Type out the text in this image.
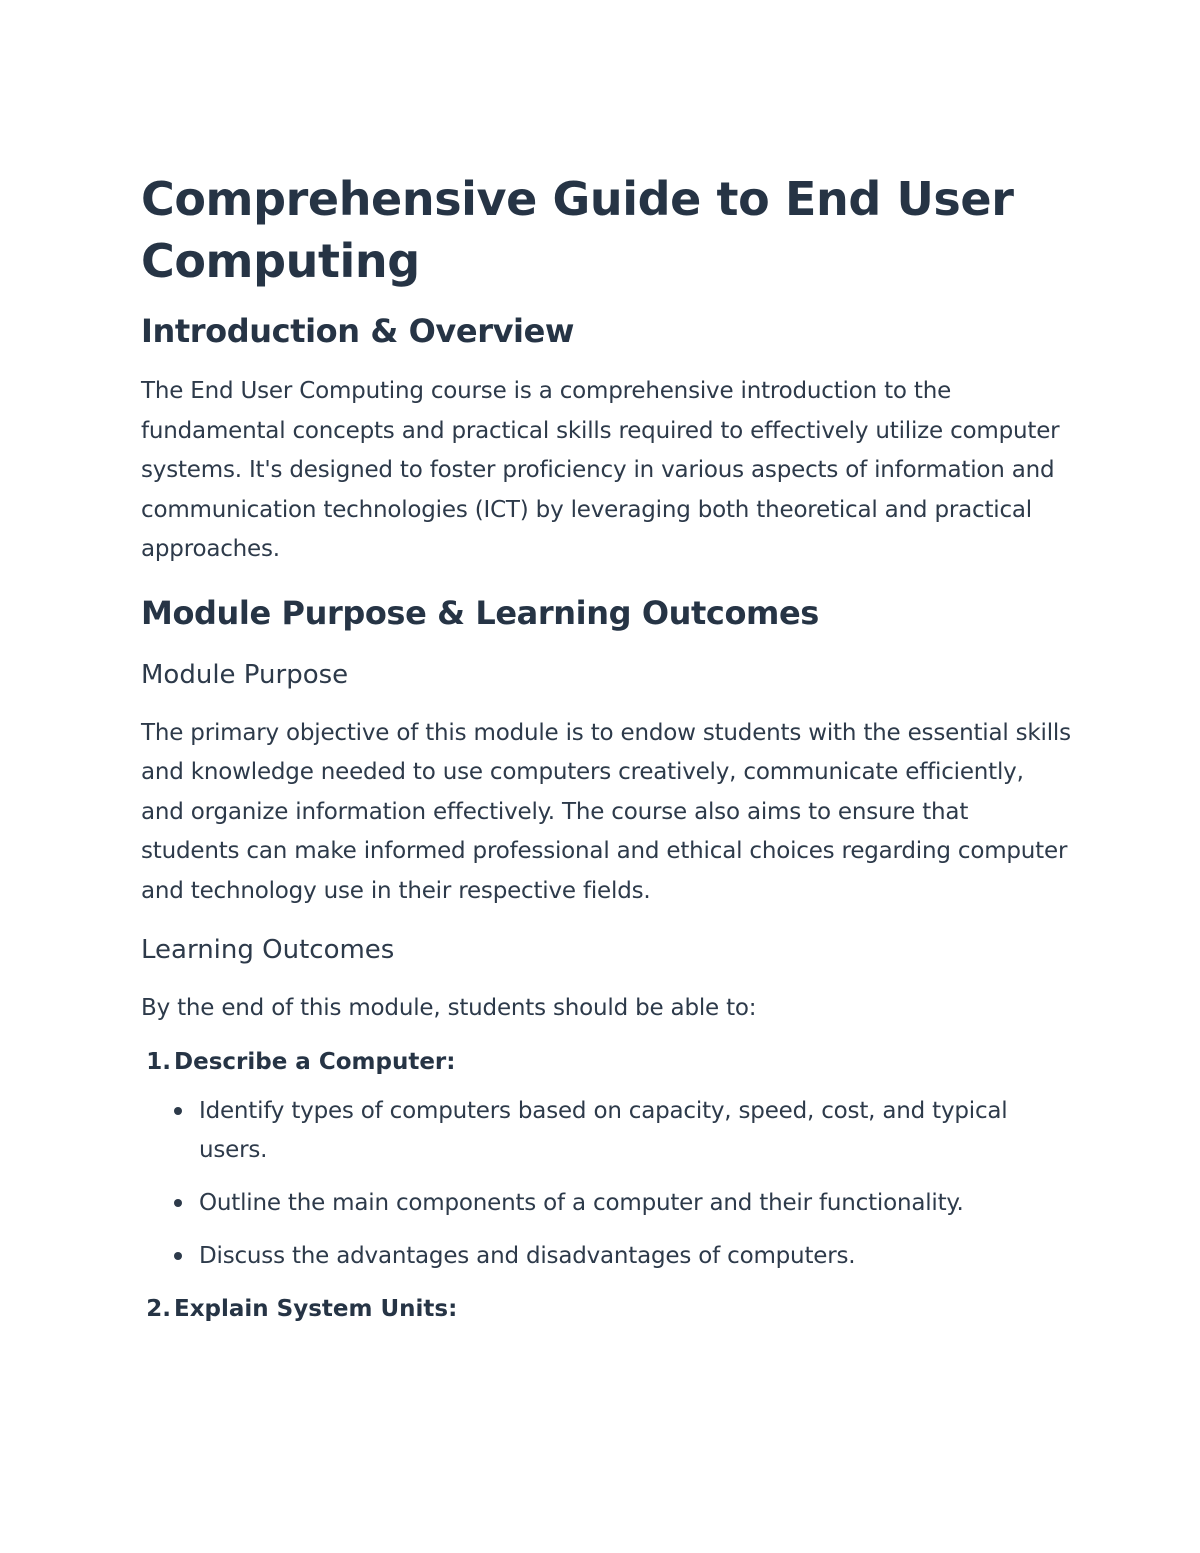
Comprehensive Guide to End User Computing
Introduction & Overview

The End User Computing course is a comprehensive introduction to the fundamental concepts and practical skills required to effectively utilize computer systems. It's designed to foster proficiency in various aspects of information and communication technologies (ICT) by leveraging both theoretical and practical approaches.

Module Purpose & Learning Outcomes
Module Purpose

The primary objective of this module is to endow students with the essential skills and knowledge needed to use computers creatively, communicate efficiently, and organize information effectively. The course also aims to ensure that students can make informed professional and ethical choices regarding computer and technology use in their respective fields.

Learning Outcomes

By the end of this module, students should be able to:

1. Describe a Computer:
Identify types of computers based on capacity, speed, cost, and typical users.
Outline the main components of a computer and their functionality.
Discuss the advantages and disadvantages of computers.
2. Explain System Units:
